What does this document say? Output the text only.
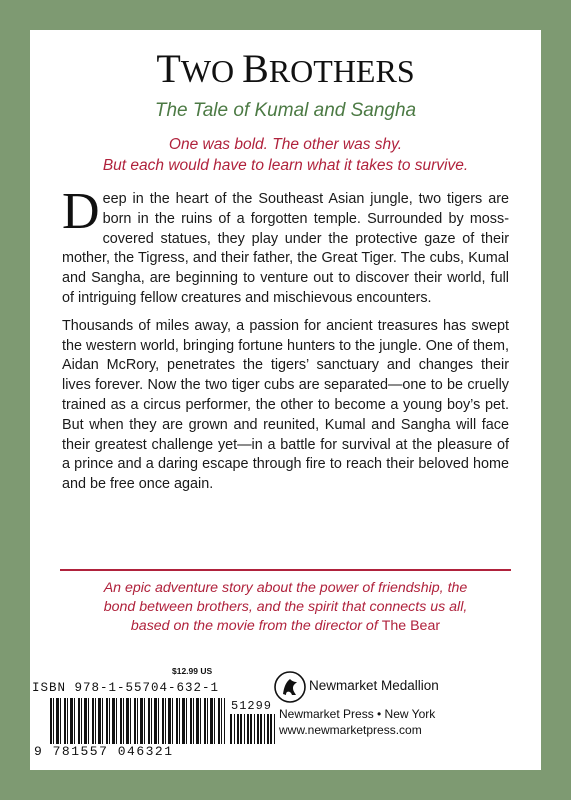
TWO BROTHERS

The Tale of Kumal and Sangha

One was bold. The other was shy.
But each would have to learn what it takes to survive.

Deep in the heart of the Southeast Asian jungle, two tigers are born in the ruins of a forgotten temple. Surrounded by moss-covered statues, they play under the protective gaze of their mother, the Tigress, and their father, the Great Tiger. The cubs, Kumal and Sangha, are beginning to venture out to discover their world, full of intriguing fellow creatures and mischievous encounters.

Thousands of miles away, a passion for ancient treasures has swept the western world, bringing fortune hunters to the jungle. One of them, Aidan McRory, penetrates the tigers’ sanctuary and changes their lives forever. Now the two tiger cubs are separated—one to be cruelly trained as a circus performer, the other to become a young boy’s pet. But when they are grown and reunited, Kumal and Sangha will face their greatest challenge yet—in a battle for survival at the pleasure of a prince and a daring escape through fire to reach their beloved home and be free once again.

An epic adventure story about the power of friendship, the
bond between brothers, and the spirit that connects us all,
based on the movie from the director of The Bear
$12.99 US
ISBN 978-1-55704-632-1
51299
9 781557 046321
Newmarket Medallion
Newmarket Press • New York
www.newmarketpress.com
